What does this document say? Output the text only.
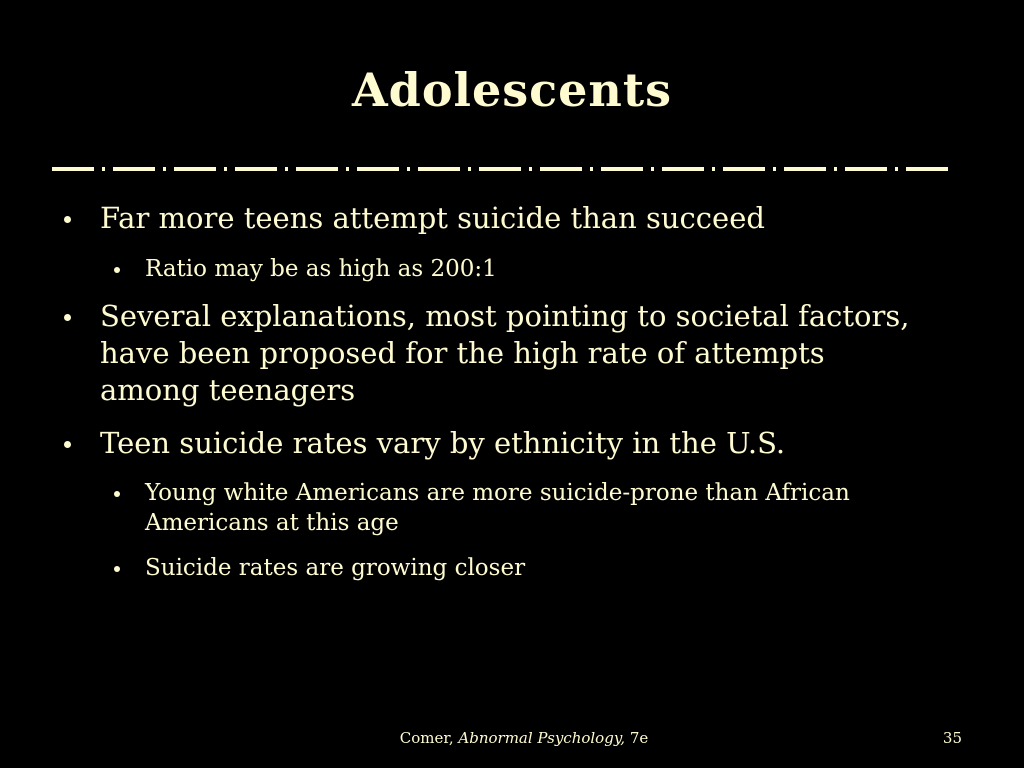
Adolescents
Far more teens attempt suicide than succeed
Ratio may be as high as 200:1
Several explanations, most pointing to societal factors, have been proposed for the high rate of attempts among teenagers
Teen suicide rates vary by ethnicity in the U.S.
Young white Americans are more suicide-prone than African Americans at this age
Suicide rates are growing closer
Comer, Abnormal Psychology, 7e	35
